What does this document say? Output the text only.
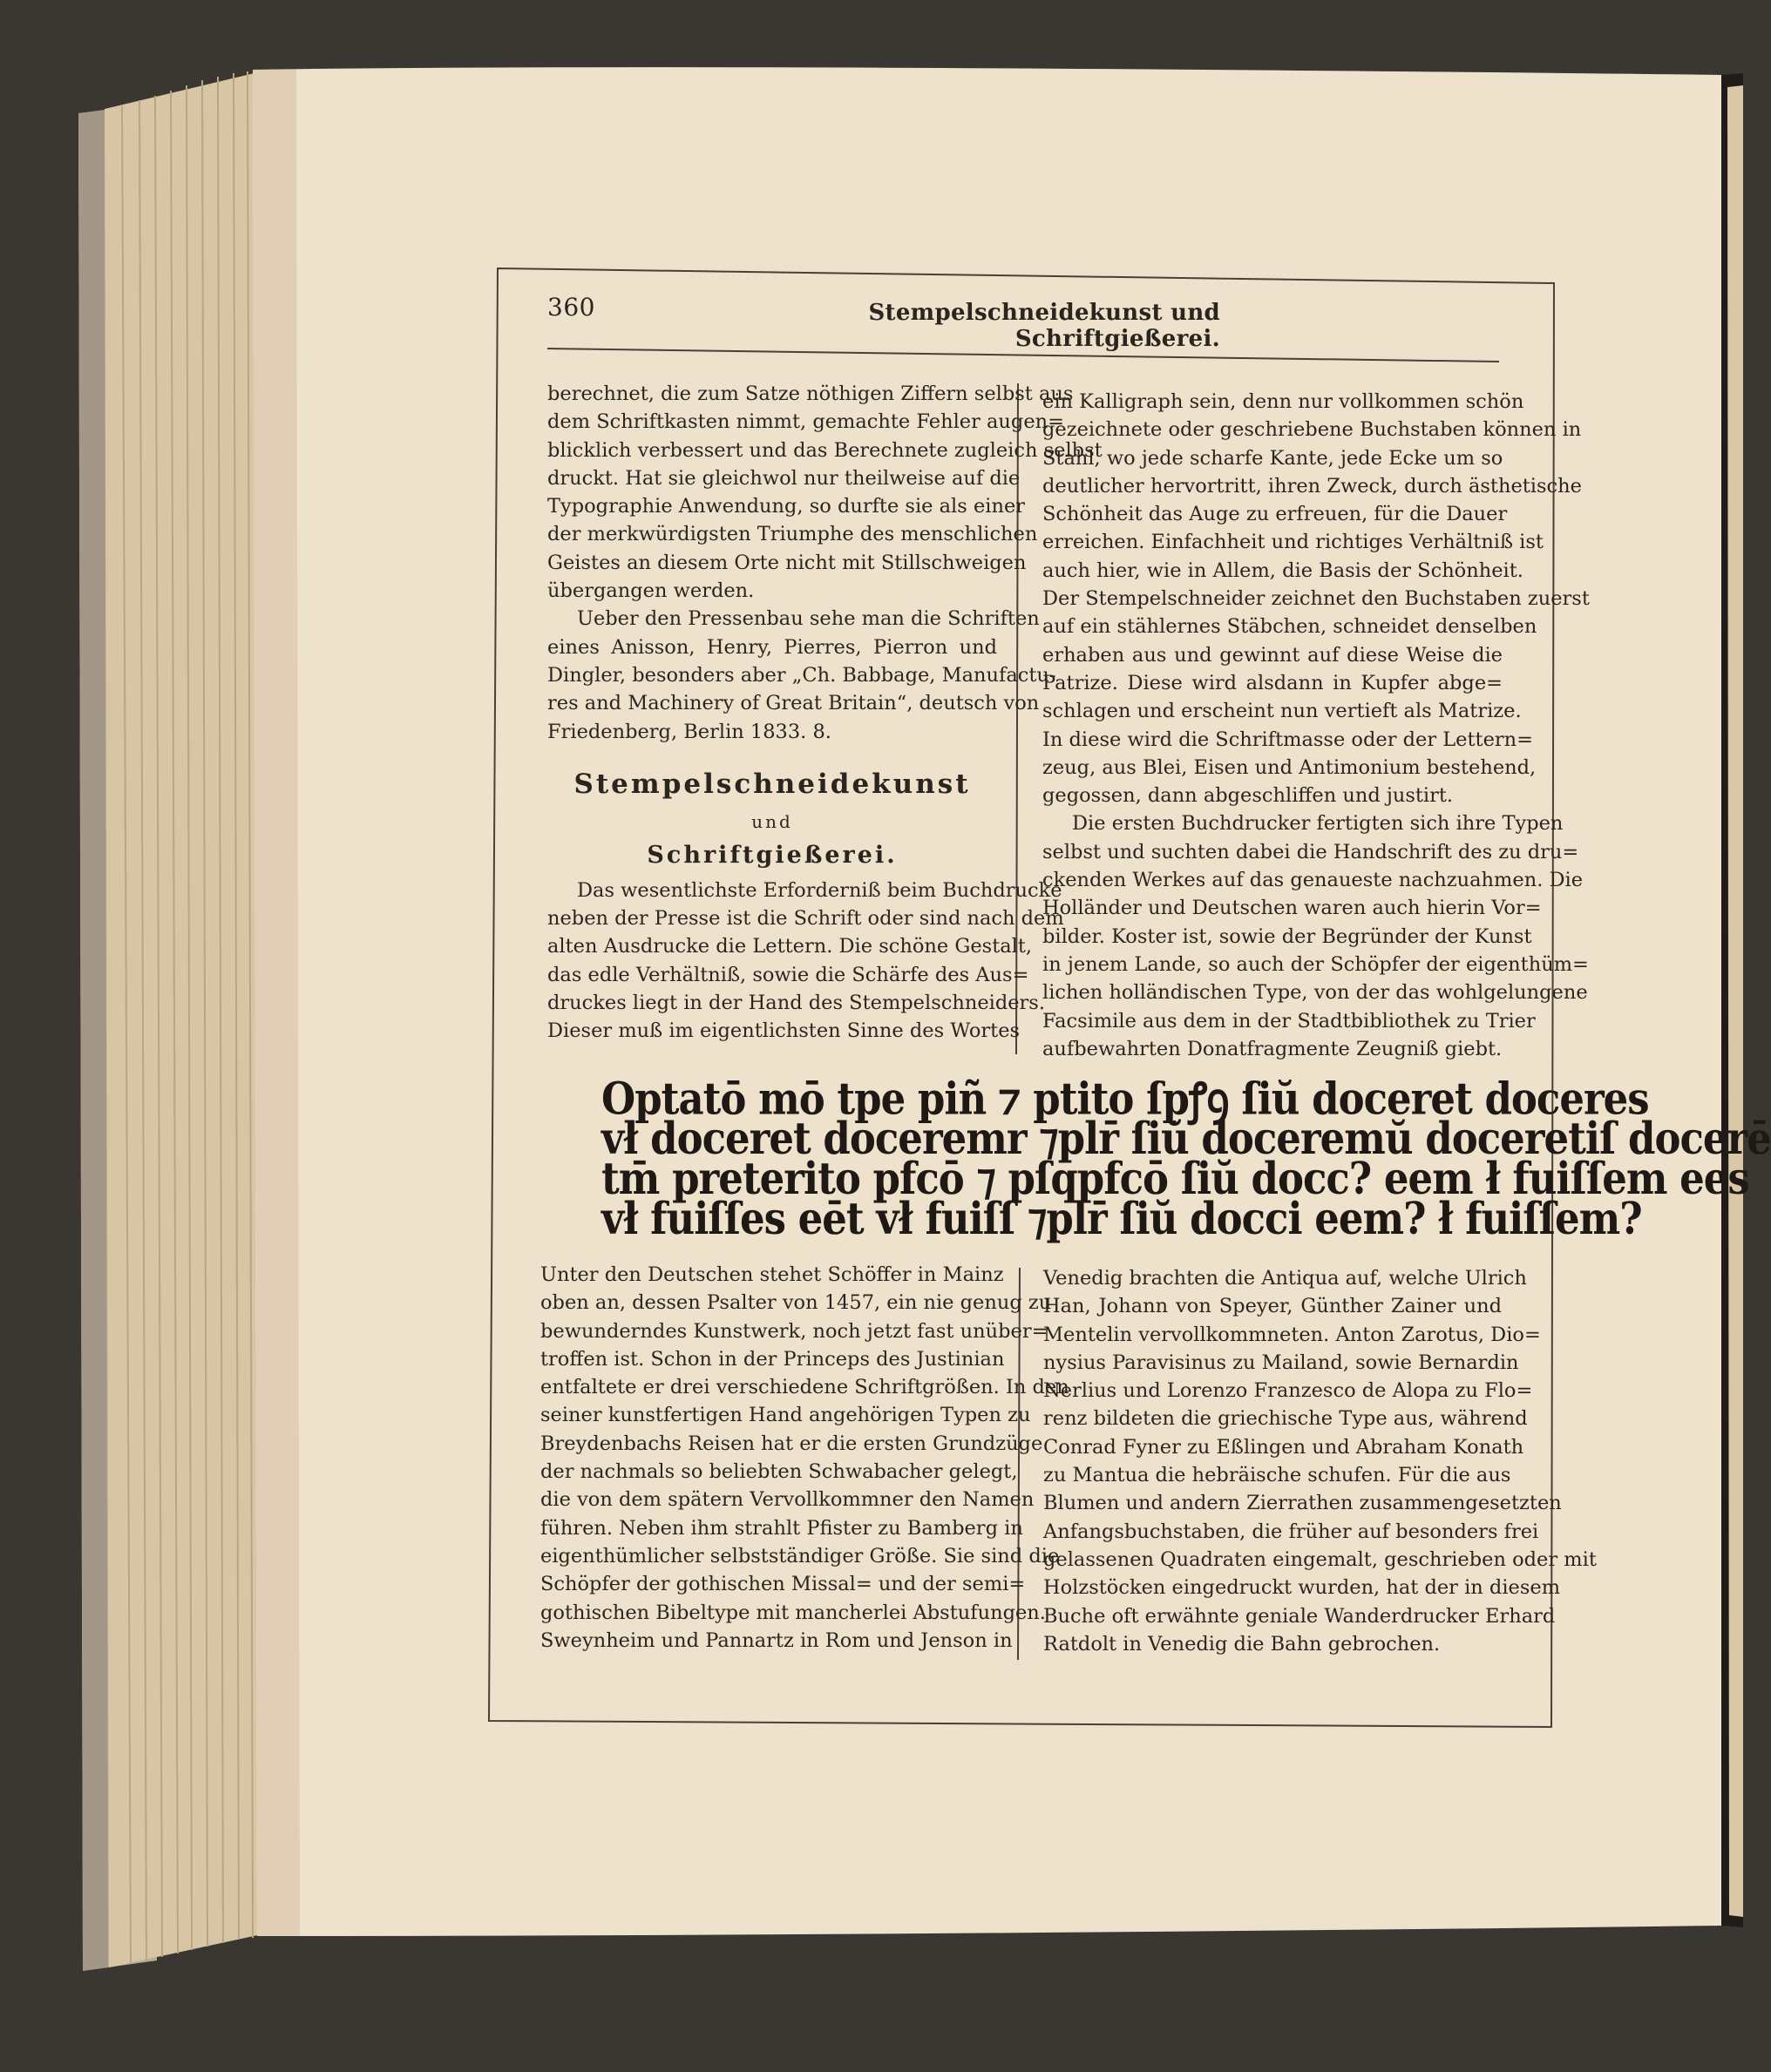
360	Stempelschneidekunst und Schriftgießerei.

berechnet, die zum Satze nöthigen Ziffern selbst aus
dem Schriftkasten nimmt, gemachte Fehler augen=
blicklich verbessert und das Berechnete zugleich selbst
druckt. Hat sie gleichwol nur theilweise auf die
Typographie Anwendung, so durfte sie als einer
der merkwürdigsten Triumphe des menschlichen
Geistes an diesem Orte nicht mit Stillschweigen
übergangen werden.

Ueber den Pressenbau sehe man die Schriften
eines Anisson, Henry, Pierres, Pierron und
Dingler, besonders aber „Ch. Babbage, Manufactu-
res and Machinery of Great Britain“, deutsch von
Friedenberg, Berlin 1833. 8.

Stempelschneidekunst
und
Schriftgießerei.

Das wesentlichste Erforderniß beim Buchdrucke
neben der Presse ist die Schrift oder sind nach dem
alten Ausdrucke die Lettern. Die schöne Gestalt,
das edle Verhältniß, sowie die Schärfe des Aus=
druckes liegt in der Hand des Stempelschneiders.
Dieser muß im eigentlichsten Sinne des Wortes

ein Kalligraph sein, denn nur vollkommen schön
gezeichnete oder geschriebene Buchstaben können in
Stahl, wo jede scharfe Kante, jede Ecke um so
deutlicher hervortritt, ihren Zweck, durch ästhetische
Schönheit das Auge zu erfreuen, für die Dauer
erreichen. Einfachheit und richtiges Verhältniß ist
auch hier, wie in Allem, die Basis der Schönheit.
Der Stempelschneider zeichnet den Buchstaben zuerst
auf ein stählernes Stäbchen, schneidet denselben
erhaben aus und gewinnt auf diese Weise die
Patrize. Diese wird alsdann in Kupfer abge=
schlagen und erscheint nun vertieft als Matrize.
In diese wird die Schriftmasse oder der Lettern=
zeug, aus Blei, Eisen und Antimonium bestehend,
gegossen, dann abgeschliffen und justirt.

Die ersten Buchdrucker fertigten sich ihre Typen
selbst und suchten dabei die Handschrift des zu dru=
ckenden Werkes auf das genaueste nachzuahmen. Die
Holländer und Deutschen waren auch hierin Vor=
bilder. Koster ist, sowie der Begründer der Kunst
in jenem Lande, so auch der Schöpfer der eigenthüm=
lichen holländischen Type, von der das wohlgelungene
Facsimile aus dem in der Stadtbibliothek zu Trier
aufbewahrten Donatfragmente Zeugniß giebt.

Optatō mō tpe piñ ⁊ ptito ſpꝭꝯ ſiŭ doceret doceres
vł doceret doceremr ⁊plr̄ ſiŭ doceremŭ doceretiſ docerē
tm̄ preterito pfcō ⁊ pſqpfcō ſiŭ docc? eem ł fuiſſem ees
vł fuiſſes eēt vł fuiſſ ⁊plr̄ ſiŭ docci eem? ł fuiſſem?

Unter den Deutschen stehet Schöffer in Mainz
oben an, dessen Psalter von 1457, ein nie genug zu
bewunderndes Kunstwerk, noch jetzt fast unüber=
troffen ist. Schon in der Princeps des Justinian
entfaltete er drei verschiedene Schriftgrößen. In den
seiner kunstfertigen Hand angehörigen Typen zu
Breydenbachs Reisen hat er die ersten Grundzüge
der nachmals so beliebten Schwabacher gelegt,
die von dem spätern Vervollkommner den Namen
führen. Neben ihm strahlt Pfister zu Bamberg in
eigenthümlicher selbstständiger Größe. Sie sind die
Schöpfer der gothischen Missal= und der semi=
gothischen Bibeltype mit mancherlei Abstufungen.
Sweynheim und Pannartz in Rom und Jenson in

Venedig brachten die Antiqua auf, welche Ulrich
Han, Johann von Speyer, Günther Zainer und
Mentelin vervollkommneten. Anton Zarotus, Dio=
nysius Paravisinus zu Mailand, sowie Bernardin
Nerlius und Lorenzo Franzesco de Alopa zu Flo=
renz bildeten die griechische Type aus, während
Conrad Fyner zu Eßlingen und Abraham Konath
zu Mantua die hebräische schufen. Für die aus
Blumen und andern Zierrathen zusammengesetzten
Anfangsbuchstaben, die früher auf besonders frei
gelassenen Quadraten eingemalt, geschrieben oder mit
Holzstöcken eingedruckt wurden, hat der in diesem
Buche oft erwähnte geniale Wanderdrucker Erhard
Ratdolt in Venedig die Bahn gebrochen.
